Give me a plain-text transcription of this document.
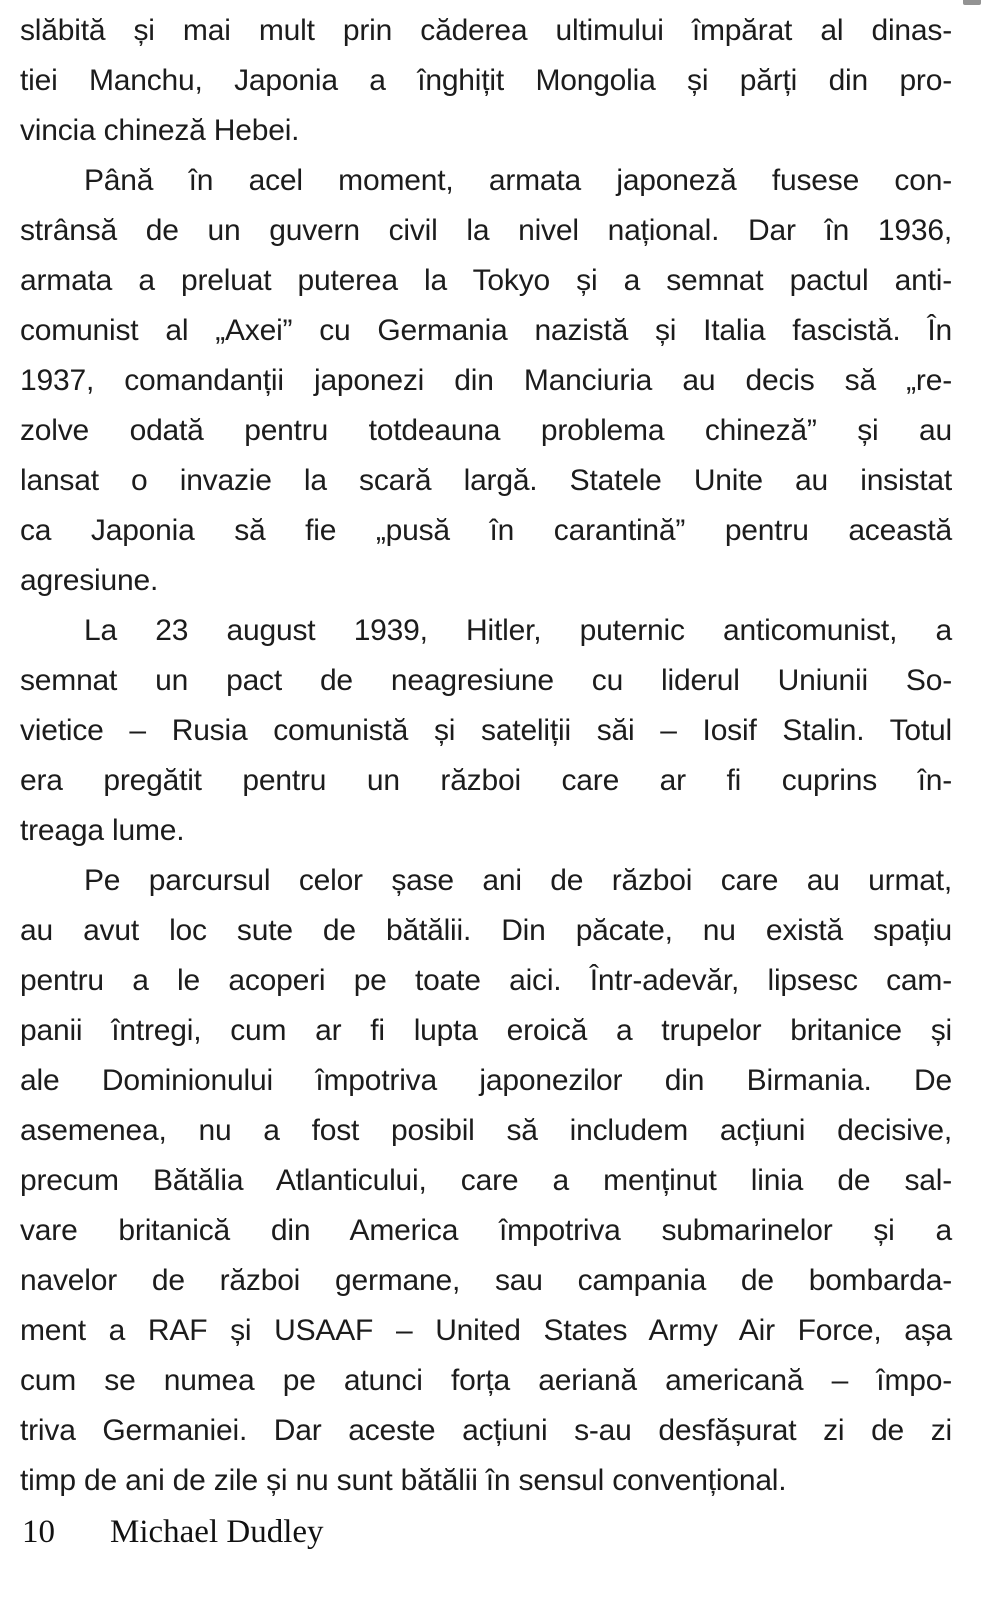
slăbită și mai mult prin căderea ultimului împărat al dinas-
tiei Manchu, Japonia a înghițit Mongolia și părți din pro-
vincia chineză Hebei.
Până în acel moment, armata japoneză fusese con-
strânsă de un guvern civil la nivel național. Dar în 1936,
armata a preluat puterea la Tokyo și a semnat pactul anti-
comunist al „Axei” cu Germania nazistă și Italia fascistă. În
1937, comandanții japonezi din Manciuria au decis să „re-
zolve odată pentru totdeauna problema chineză” și au
lansat o invazie la scară largă. Statele Unite au insistat
ca Japonia să fie „pusă în carantină” pentru această
agresiune.
La 23 august 1939, Hitler, puternic anticomunist, a
semnat un pact de neagresiune cu liderul Uniunii So-
vietice – Rusia comunistă și sateliții săi – Iosif Stalin. Totul
era pregătit pentru un război care ar fi cuprins în-
treaga lume.
Pe parcursul celor șase ani de război care au urmat,
au avut loc sute de bătălii. Din păcate, nu există spațiu
pentru a le acoperi pe toate aici. Într-adevăr, lipsesc cam-
panii întregi, cum ar fi lupta eroică a trupelor britanice și
ale Dominionului împotriva japonezilor din Birmania. De
asemenea, nu a fost posibil să includem acțiuni decisive,
precum Bătălia Atlanticului, care a menținut linia de sal-
vare britanică din America împotriva submarinelor și a
navelor de război germane, sau campania de bombarda-
ment a RAF și USAAF – United States Army Air Force, așa
cum se numea pe atunci forța aeriană americană – împo-
triva Germaniei. Dar aceste acțiuni s-au desfășurat zi de zi
timp de ani de zile și nu sunt bătălii în sensul convențional.
10 Michael Dudley
